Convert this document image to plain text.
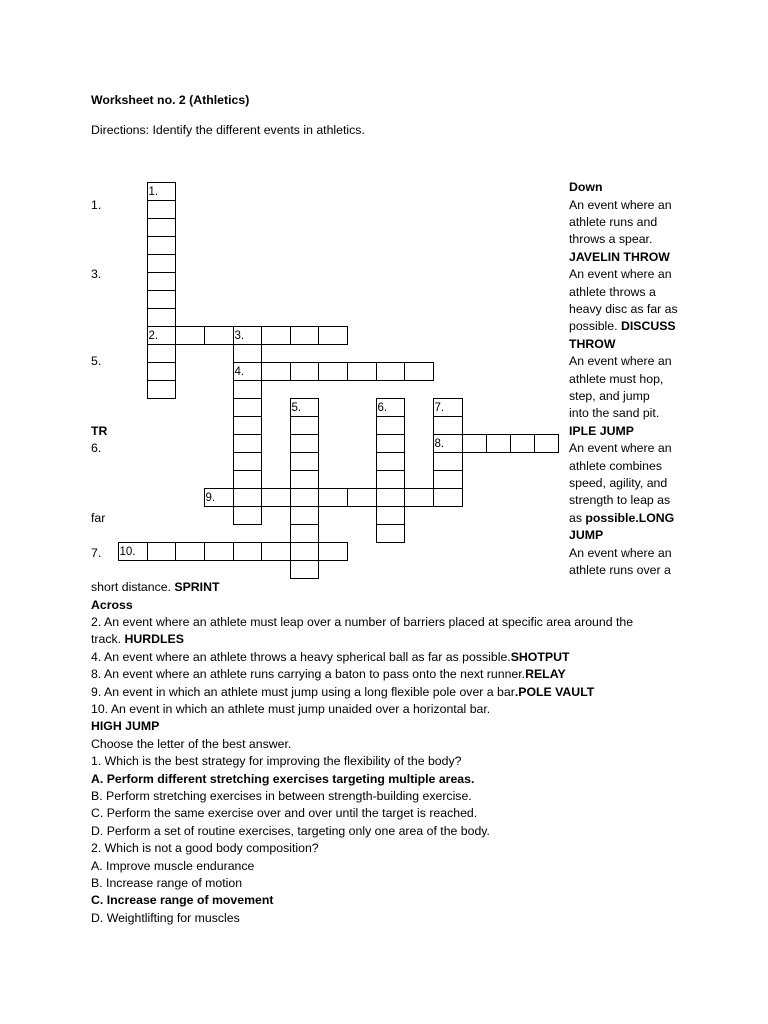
Worksheet no. 2 (Athletics)
Directions: Identify the different events in athletics.
1.
2.	3.
4.
5.	6.	7.
8.
9.
10.
Down
1.	An event where an
athlete runs and
throws a spear.
JAVELIN THROW
3.	An event where an
athlete throws a
heavy disc as far as
possible. DISCUSS
THROW
5.	An event where an
athlete must hop,
step, and jump
into the sand pit.
TR	IPLE JUMP
6.	An event where an
athlete combines
speed, agility, and
strength to leap as
far	as possible.LONG
JUMP
7.	An event where an
athlete runs over a
short distance. SPRINT
Across
2. An event where an athlete must leap over a number of barriers placed at specific area around the
track. HURDLES
4. An event where an athlete throws a heavy spherical ball as far as possible.SHOTPUT
8. An event where an athlete runs carrying a baton to pass onto the next runner.RELAY
9. An event in which an athlete must jump using a long flexible pole over a bar.POLE VAULT
10. An event in which an athlete must jump unaided over a horizontal bar.
HIGH JUMP
Choose the letter of the best answer.
1. Which is the best strategy for improving the flexibility of the body?
A. Perform different stretching exercises targeting multiple areas.
B. Perform stretching exercises in between strength-building exercise.
C. Perform the same exercise over and over until the target is reached.
D. Perform a set of routine exercises, targeting only one area of the body.
2. Which is not a good body composition?
A. Improve muscle endurance
B. Increase range of motion
C. Increase range of movement
D. Weightlifting for muscles
